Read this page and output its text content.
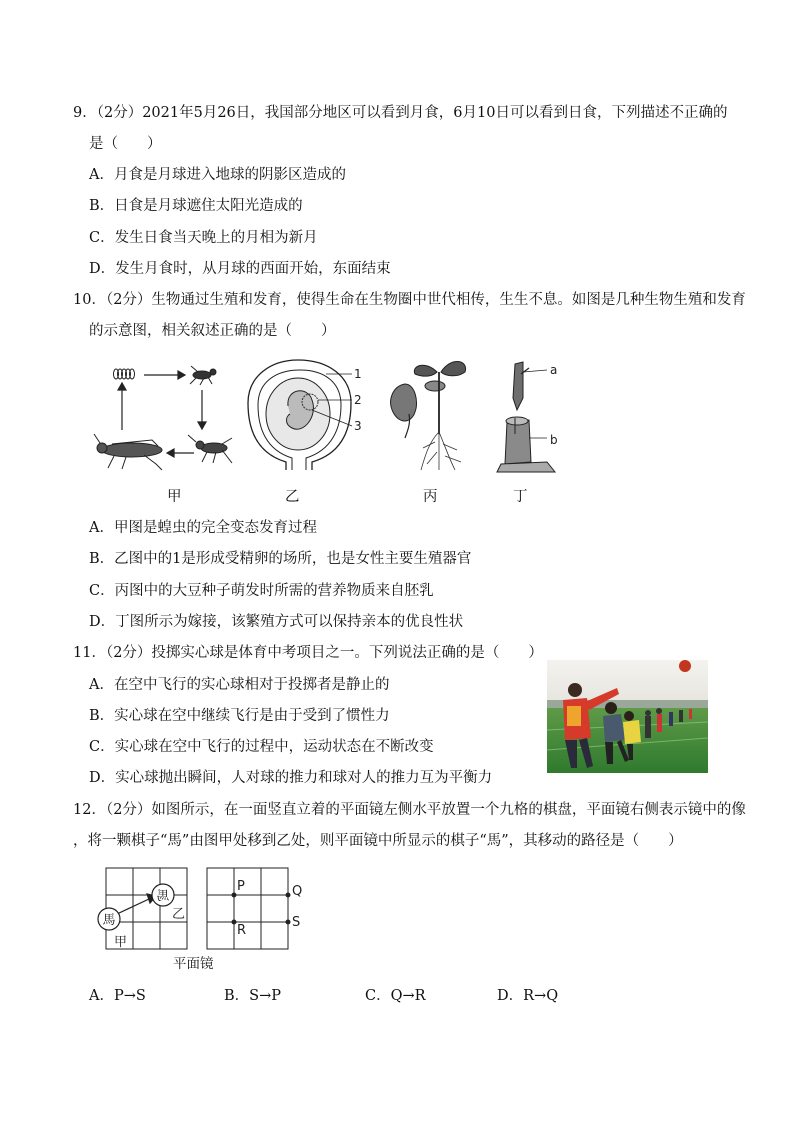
9．（2分）2021年5月26日，我国部分地区可以看到月食，6月10日可以看到日食，下列描述不正确的
是（　　）
A．月食是月球进入地球的阴影区造成的
B．日食是月球遮住太阳光造成的
C．发生日食当天晚上的月相为新月
D．发生月食时，从月球的西面开始，东面结束
10．（2分）生物通过生殖和发育，使得生命在生物圈中世代相传，生生不息。如图是几种生物生殖和发育
的示意图，相关叙述正确的是（　　）
甲
1
2
3
乙	丙
a
b
丁
A．甲图是蝗虫的完全变态发育过程
B．乙图中的1是形成受精卵的场所，也是女性主要生殖器官
C．丙图中的大豆种子萌发时所需的营养物质来自胚乳
D．丁图所示为嫁接，该繁殖方式可以保持亲本的优良性状
11．（2分）投掷实心球是体育中考项目之一。下列说法正确的是（　　）
A．在空中飞行的实心球相对于投掷者是静止的
B．实心球在空中继续飞行是由于受到了惯性力
C．实心球在空中飞行的过程中，运动状态在不断改变
D．实心球抛出瞬间，人对球的推力和球对人的推力互为平衡力
12．（2分）如图所示，在一面竖直立着的平面镜左侧水平放置一个九格的棋盘，平面镜右侧表示镜中的像
，将一颗棋子“馬”由图甲处移到乙处，则平面镜中所显示的棋子“馬”，其移动的路径是（　　）
馬
馬
乙
甲
P	Q
R
S
平面镜
A．P→S	B．S→P	C．Q→R	D．R→Q
